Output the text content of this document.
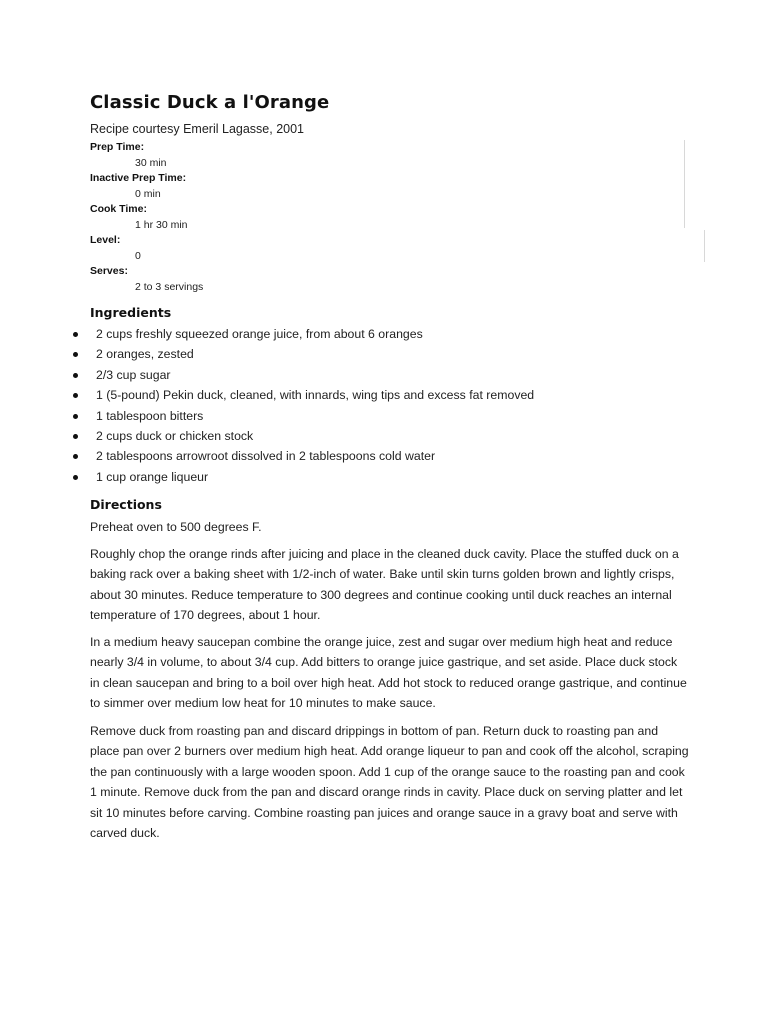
Classic Duck a l'Orange
Recipe courtesy Emeril Lagasse, 2001
Prep Time:
30 min
Inactive Prep Time:
0 min
Cook Time:
1 hr 30 min
Level:
0
Serves:
2 to 3 servings
Ingredients
2 cups freshly squeezed orange juice, from about 6 oranges
2 oranges, zested
2/3 cup sugar
1 (5-pound) Pekin duck, cleaned, with innards, wing tips and excess fat removed
1 tablespoon bitters
2 cups duck or chicken stock
2 tablespoons arrowroot dissolved in 2 tablespoons cold water
1 cup orange liqueur
Directions

Preheat oven to 500 degrees F.

Roughly chop the orange rinds after juicing and place in the cleaned duck cavity. Place the stuffed duck on a baking rack over a baking sheet with 1/2-inch of water. Bake until skin turns golden brown and lightly crisps, about 30 minutes. Reduce temperature to 300 degrees and continue cooking until duck reaches an internal temperature of 170 degrees, about 1 hour.

In a medium heavy saucepan combine the orange juice, zest and sugar over medium high heat and reduce nearly 3/4 in volume, to about 3/4 cup. Add bitters to orange juice gastrique, and set aside. Place duck stock in clean saucepan and bring to a boil over high heat. Add hot stock to reduced orange gastrique, and continue to simmer over medium low heat for 10 minutes to make sauce.

Remove duck from roasting pan and discard drippings in bottom of pan. Return duck to roasting pan and place pan over 2 burners over medium high heat. Add orange liqueur to pan and cook off the alcohol, scraping the pan continuously with a large wooden spoon. Add 1 cup of the orange sauce to the roasting pan and cook 1 minute. Remove duck from the pan and discard orange rinds in cavity. Place duck on serving platter and let sit 10 minutes before carving. Combine roasting pan juices and orange sauce in a gravy boat and serve with carved duck.
